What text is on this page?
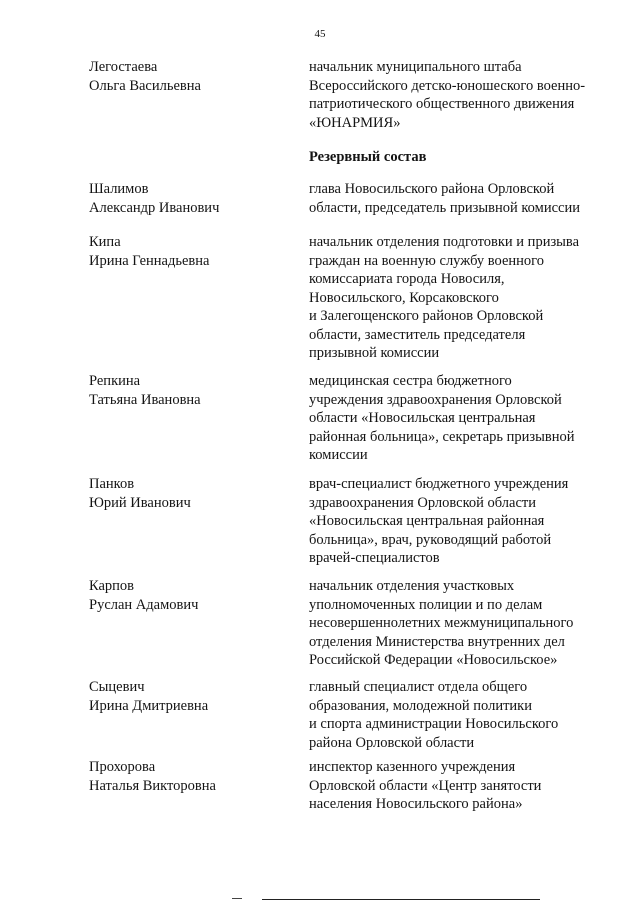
45
Легостаева
Ольга Васильевна
начальник муниципального штаба
Всероссийского детско-юношеского военно-
патриотического общественного движения
«ЮНАРМИЯ»
Резервный состав
Шалимов
Александр Иванович
глава Новосильского района Орловской
области, председатель призывной комиссии
Кипа
Ирина Геннадьевна
начальник отделения подготовки и призыва
граждан на военную службу военного
комиссариата города Новосиля,
Новосильского, Корсаковского
и Залегощенского районов Орловской
области, заместитель председателя
призывной комиссии
Репкина
Татьяна Ивановна
медицинская сестра бюджетного
учреждения здравоохранения Орловской
области «Новосильская центральная
районная больница», секретарь призывной
комиссии
Панков
Юрий Иванович
врач-специалист бюджетного учреждения
здравоохранения Орловской области
«Новосильская центральная районная
больница», врач, руководящий работой
врачей-специалистов
Карпов
Руслан Адамович
начальник отделения участковых
уполномоченных полиции и по делам
несовершеннолетних межмуниципального
отделения Министерства внутренних дел
Российской Федерации «Новосильское»
Сыцевич
Ирина Дмитриевна
главный специалист отдела общего
образования, молодежной политики
и спорта администрации Новосильского
района Орловской области
Прохорова
Наталья Викторовна
инспектор казенного учреждения
Орловской области «Центр занятости
населения Новосильского района»
